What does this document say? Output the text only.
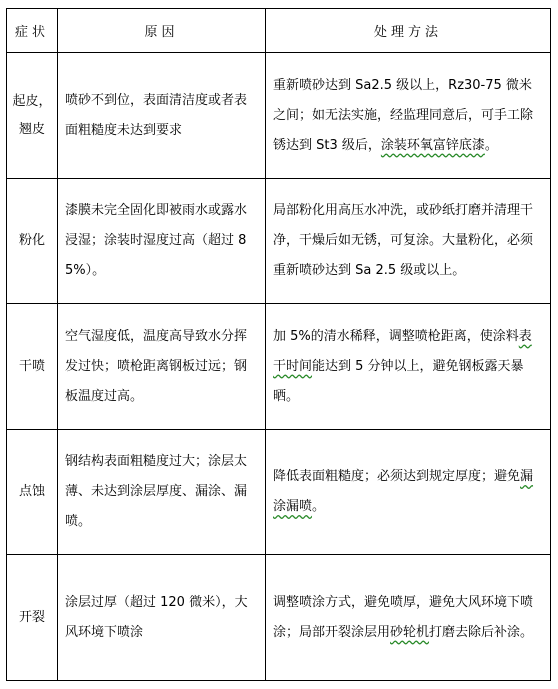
症状	原因	处理方法
起皮，翘皮	喷砂不到位，表面清洁度或者表面粗糙度未达到要求	重新喷砂达到 Sa2.5 级以上，Rz30-75 微米之间；如无法实施，经监理同意后，可手工除锈达到 St3 级后，涂装环氧富锌底漆。
粉化	漆膜未完全固化即被雨水或露水浸湿；涂装时湿度过高（超过 85%）。	局部粉化用高压水冲洗，或砂纸打磨并清理干净，干燥后如无锈，可复涂。大量粉化，必须重新喷砂达到 Sa 2.5 级或以上。
干喷	空气湿度低，温度高导致水分挥发过快；喷枪距离钢板过远；钢板温度过高。	加 5%的清水稀释，调整喷枪距离，使涂料表干时间能达到 5 分钟以上，避免钢板露天暴晒。
点蚀	钢结构表面粗糙度过大；涂层太薄、未达到涂层厚度、漏涂、漏喷。	降低表面粗糙度；必须达到规定厚度；避免漏涂漏喷。
开裂	涂层过厚（超过 120 微米），大风环境下喷涂	调整喷涂方式，避免喷厚，避免大风环境下喷涂；局部开裂涂层用砂轮机打磨去除后补涂。
